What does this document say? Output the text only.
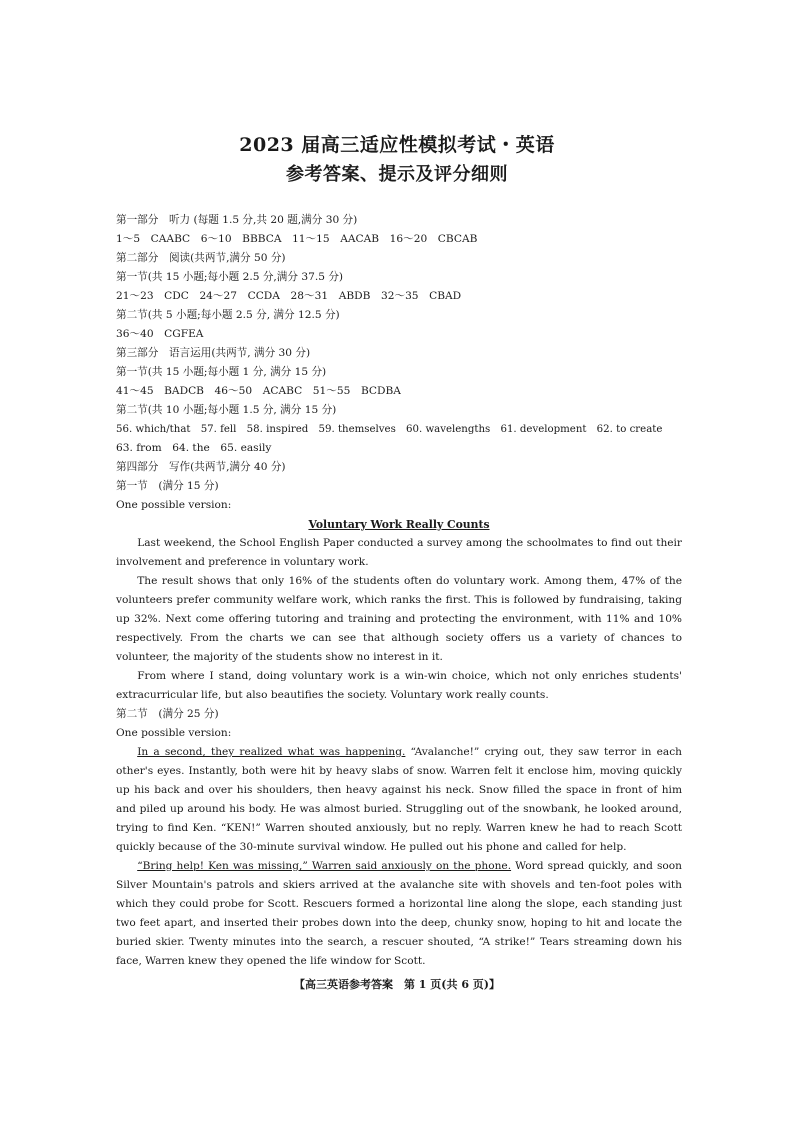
2023 届高三适应性模拟考试・英语
参考答案、提示及评分细则
第一部分　听力 (每题 1.5 分,共 20 题,满分 30 分)
1～5　CAABC　6～10　BBBCA　11～15　AACAB　16～20　CBCAB
第二部分　阅读(共两节,满分 50 分)
第一节(共 15 小题;每小题 2.5 分,满分 37.5 分)
21～23　CDC　24～27　CCDA　28～31　ABDB　32～35　CBAD
第二节(共 5 小题;每小题 2.5 分, 满分 12.5 分)
36～40　CGFEA
第三部分　语言运用(共两节, 满分 30 分)
第一节(共 15 小题;每小题 1 分, 满分 15 分)
41～45　BADCB　46～50　ACABC　51～55　BCDBA
第二节(共 10 小题;每小题 1.5 分, 满分 15 分)
56. which/that　57. fell　58. inspired　59. themselves　60. wavelengths　61. development　62. to create
63. from　64. the　65. easily
第四部分　写作(共两节,满分 40 分)
第一节　(满分 15 分)
One possible version:
Voluntary Work Really Counts

Last weekend, the School English Paper conducted a survey among the schoolmates to find out their involvement and preference in voluntary work.

The result shows that only 16% of the students often do voluntary work. Among them, 47% of the volunteers prefer community welfare work, which ranks the first. This is followed by fundraising, taking up 32%. Next come offering tutoring and training and protecting the environment, with 11% and 10% respectively. From the charts we can see that although society offers us a variety of chances to volunteer, the majority of the students show no interest in it.

From where I stand, doing voluntary work is a win-win choice, which not only enriches students' extracurricular life, but also beautifies the society. Voluntary work really counts.

第二节　(满分 25 分)
One possible version:

In a second, they realized what was happening. “Avalanche!” crying out, they saw terror in each other's eyes. Instantly, both were hit by heavy slabs of snow. Warren felt it enclose him, moving quickly up his back and over his shoulders, then heavy against his neck. Snow filled the space in front of him and piled up around his body. He was almost buried. Struggling out of the snowbank, he looked around, trying to find Ken. “KEN!” Warren shouted anxiously, but no reply. Warren knew he had to reach Scott quickly because of the 30-minute survival window. He pulled out his phone and called for help.

“Bring help! Ken was missing,” Warren said anxiously on the phone. Word spread quickly, and soon Silver Mountain's patrols and skiers arrived at the avalanche site with shovels and ten-foot poles with which they could probe for Scott. Rescuers formed a horizontal line along the slope, each standing just two feet apart, and inserted their probes down into the deep, chunky snow, hoping to hit and locate the buried skier. Twenty minutes into the search, a rescuer shouted, “A strike!” Tears streaming down his face, Warren knew they opened the life window for Scott.

【高三英语参考答案　第 1 页(共 6 页)】
